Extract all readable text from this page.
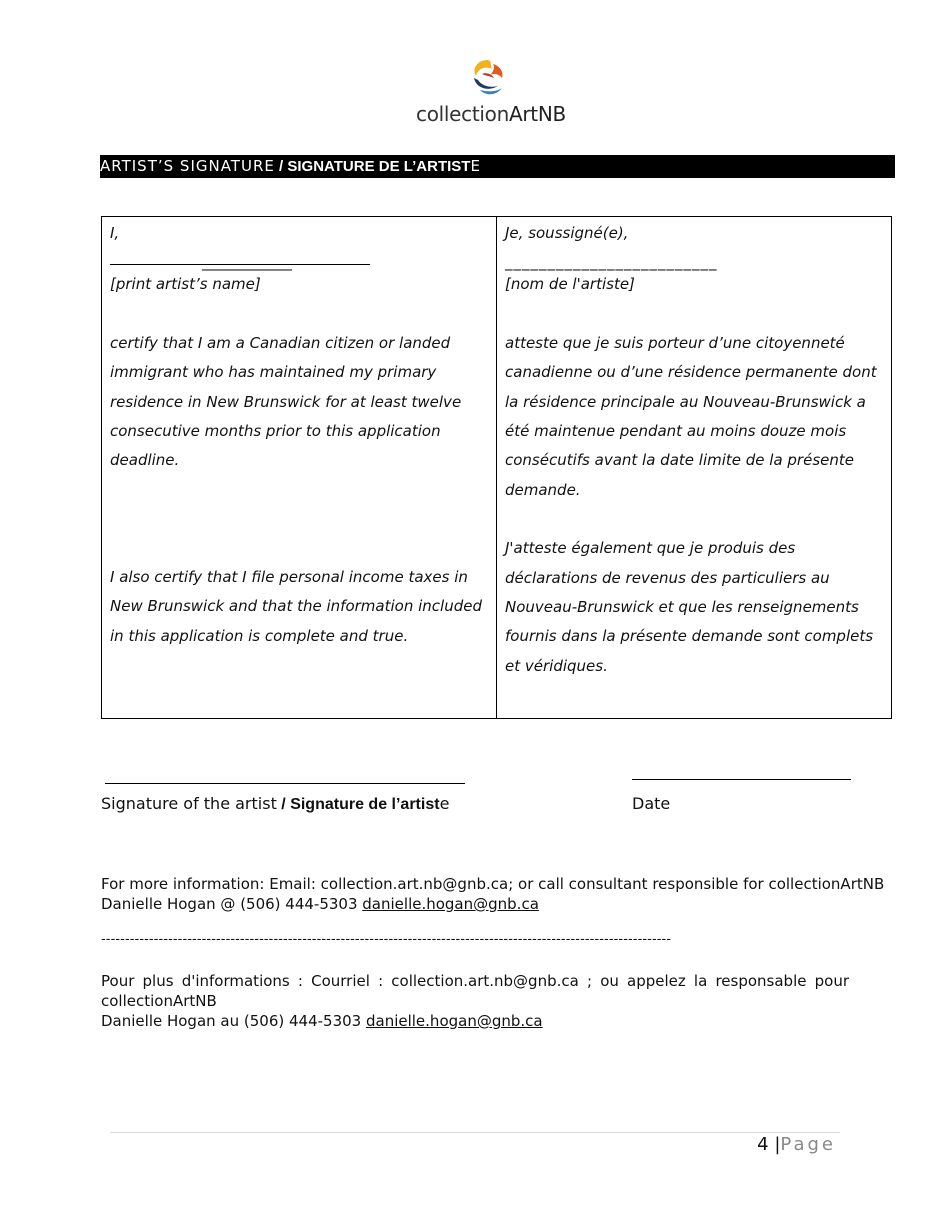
collectionArtNB
ARTIST’S SIGNATURE / SIGNATURE DE L’ARTISTE
I,
____________
[print artist’s name]

certify that I am a Canadian citizen or landed immigrant who has maintained my primary residence in New Brunswick for at least twelve consecutive months prior to this application deadline.

I also certify that I file personal income taxes in New Brunswick and that the information included in this application is complete and true.

Je, soussigné(e),
_________________________
[nom de l'artiste]

atteste que je suis porteur d’une citoyenneté canadienne ou d’une résidence permanente dont la résidence principale au Nouveau-Brunswick a été maintenue pendant au moins douze mois consécutifs avant la date limite de la présente demande.

J'atteste également que je produis des déclarations de revenus des particuliers au Nouveau-Brunswick et que les renseignements fournis dans la présente demande sont complets et véridiques.

Signature of the artist / Signature de l’artiste	Date
For more information: Email: collection.art.nb@gnb.ca; or call consultant responsible for collectionArtNB
Danielle Hogan @ (506) 444-5303 danielle.hogan@gnb.ca
-----------------------------------------------------------------------------------------------------------------------
Pour plus d'informations : Courriel : collection.art.nb@gnb.ca ; ou appelez la responsable pour collectionArtNB
Danielle Hogan au (506) 444-5303 danielle.hogan@gnb.ca
4 |Page
